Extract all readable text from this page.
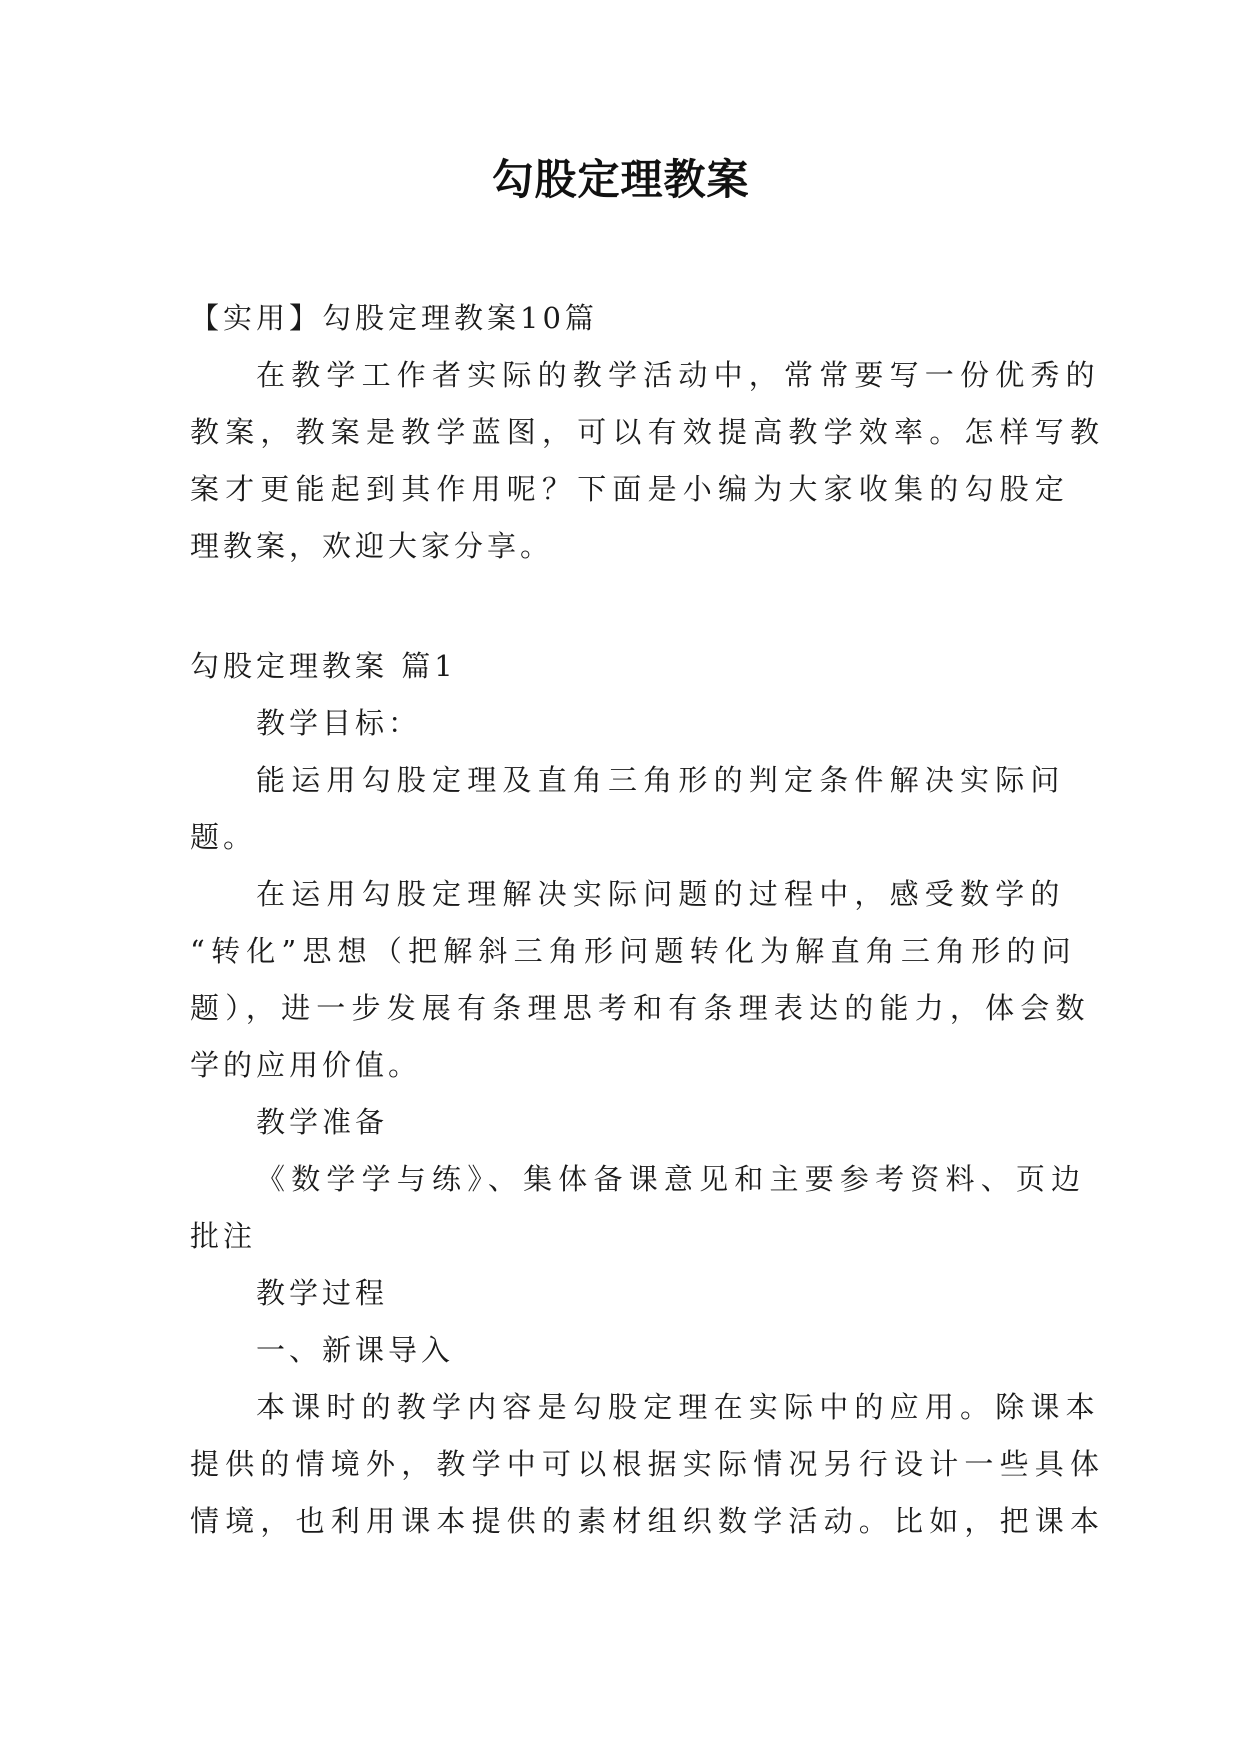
勾股定理教案
【实用】勾股定理教案10篇
在教学工作者实际的教学活动中，常常要写一份优秀的
教案，教案是教学蓝图，可以有效提高教学效率。怎样写教
案才更能起到其作用呢？下面是小编为大家收集的勾股定
理教案，欢迎大家分享。
勾股定理教案 篇1
教学目标：
能运用勾股定理及直角三角形的判定条件解决实际问
题。
在运用勾股定理解决实际问题的过程中，感受数学的
“转化”思想（把解斜三角形问题转化为解直角三角形的问
题），进一步发展有条理思考和有条理表达的能力，体会数
学的应用价值。
教学准备
《数学学与练》、集体备课意见和主要参考资料、页边
批注
教学过程
一、新课导入
本课时的教学内容是勾股定理在实际中的应用。除课本
提供的情境外，教学中可以根据实际情况另行设计一些具体
情境，也利用课本提供的素材组织数学活动。比如，把课本
